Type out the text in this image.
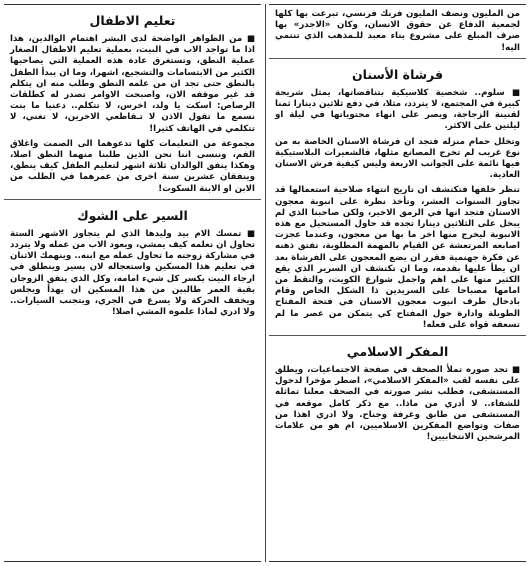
من المليون ونصف المليون فرنك فرنسي، تبرعت بها كلها لجمعية الدفاع عن حقوق الانسان، وكان «الاجدر» بها صرف المبلغ على مشروع بناء معبد للـمذهب الذي تنتمي اليه!

فرشاة الأسنان

■ سلوم.. شخصية كلاسيكية بتناقضاتها، يمثل شريحة كبيرة في المجتمع، لا يتردد، مثلا، في دفع ثلاثين دينارا ثمنا لقنينة الزجاجة، ويصر على انهاء محتوياتها في ليلة او ليلتين على الاكثر.

وتخلل حمام منزله فتجد ان فرشاة الاسنان الخاصة به من نوع غريب لم تخرج المصانع مثلها، فالشعيرات البلاستيكية فيها نائمة على الجوانب الاربعة وليس كيفية فرش الاسنان العادية.

تنظر خلفها فتكتشف ان تاريخ انتهاء صلاحية استعمالها قد تجاوز السنوات العشر، وتأخذ نظرة على انبوبة معجون الاسنان فتجد انها في الرمق الاخير، ولكن صاحبنا الذي لم يبخل على الثلاثين دينارا تجده قد حاول المستحيل مع هذه الانبوبة ليخرج منها اخر ما بها من معجون، وعندما عجزت اصابعه المرتعشة عن القيام بالمهمة المطلوبة، تفتق ذهنه عن فكرة جهنمية فقرر ان يضع المعجون على الفرشاة بعد ان يطأ عليها بقدمه، وما ان تكتشف ان السرير الذي يقع الكثير منها على اهم واجمل شوارع الكويت، والتقط من امامها مصباحا على السريدين ذا الشكل الخاص وقام بادخال طرف انبوب معجون الاسنان في فتحة المفتاح الطويلة وادارة حول المفتاح كي يتمكن من عصر ما لم تسعفه قواه على فعله!

المفكر الاسلامي

■ تجد صوره تملأ الصحف في صفحة الاجتماعيات، ويطلق على نفسه لقب «المفكر الاسلامي»، اضطر مؤخرا لدخول المستشفى، فطلب نشر صورته في الصحف معلنا تماثله للشفاء.. لا أدري من ماذا.. مع ذكر كامل موقعه في المستشفى من طابق وغرفة وجناح. ولا ادري اهذا من صفات وتواضع المفكرين الاسلاميين، ام هو من علامات المرشحين الانتخابيين!

تعليم الاطفال

■ من الظواهر الواضحة لدى البشر اهتمام الوالدين، هذا اذا ما تواجد الاب في البيت، بعملية تعليم الاطفال الصغار عملية النطق، وتستغرق عادة هذه العملية التي يصاحبها الكثير من الابتسامات والتشجيع، اشهرا، وما ان يبدأ الطفل بالنطق حتى تجد ان من علمه النطق وطلب منه ان يتكلم قد غير موقفه الان، واصبحت الاوامر تصدر له كطلقات الرصاص: اسكت يا ولد، اخرس، لا تتكلم.. دعنيا ما بنت نسمع ما تقول الاذن لا تـقاطعي الاخرين، لا تغني، لا تتكلمي في الهاتف كثيرا!

مجموعة من التعليمات كلها تدعوهما الى الصمت واغلاق الفم، وننسى اننا نحن الذين طلبنا منهما النطق اصلا، وهكذا ينفق الوالدان ثلاثة اشهر لتعليم الطفل كيف ينطق، وينفقان عشرين سنة اخرى من عمرهما في الطلب من الابن او الابنة السكوت!

السير على الشوك

■ تمسك الام بيد وليدها الذي لم يتجاوز الاشهر الستة تحاول ان تعلمه كيف يمشي، ويعود الاب من عمله ولا يتردد في مشاركة زوجته ما تحاول عمله مع ابنه.. وينهمك الاثنان في تعليم هذا المسكين واستعجاله لان يسير وينطلق في ارجاء البيت يكسر كل شيء امامه، وكل الذي ينفق الزوجان بقية العمر طالبين من هذا المسكين ان يهدأ ويجلس ويخفف الحركة ولا يسرع في الجري، ويتجنب السيارات.. ولا ادري لماذا علموه المشي اصلا!
